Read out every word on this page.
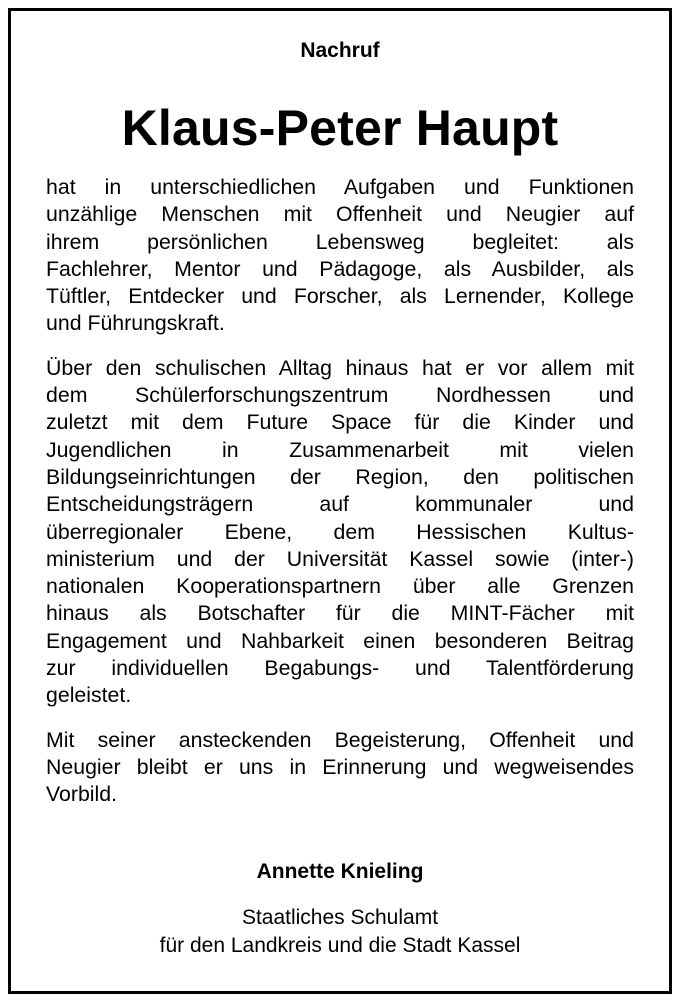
Nachruf
Klaus-Peter Haupt

hat in unterschiedlichen Aufgaben und Funktionen
unzählige Menschen mit Offenheit und Neugier auf
ihrem persönlichen Lebensweg begleitet: als
Fachlehrer, Mentor und Pädagoge, als Ausbilder, als
Tüftler, Entdecker und Forscher, als Lernender, Kollege
und Führungskraft.

Über den schulischen Alltag hinaus hat er vor allem mit
dem Schülerforschungszentrum Nordhessen und
zuletzt mit dem Future Space für die Kinder und
Jugendlichen in Zusammenarbeit mit vielen
Bildungseinrichtungen der Region, den politischen
Entscheidungsträgern auf kommunaler und
überregionaler Ebene, dem Hessischen Kultus-
ministerium und der Universität Kassel sowie (inter-)
nationalen Kooperationspartnern über alle Grenzen
hinaus als Botschafter für die MINT-Fächer mit
Engagement und Nahbarkeit einen besonderen Beitrag
zur individuellen Begabungs- und Talentförderung
geleistet.

Mit seiner ansteckenden Begeisterung, Offenheit und
Neugier bleibt er uns in Erinnerung und wegweisendes
Vorbild.

Annette Knieling
Staatliches Schulamt
für den Landkreis und die Stadt Kassel
